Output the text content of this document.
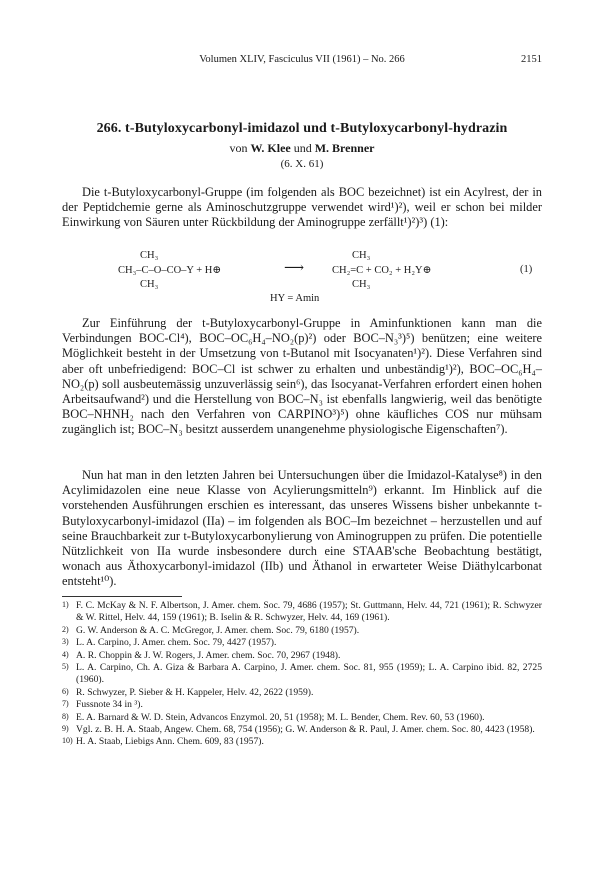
Volumen XLIV, Fasciculus VII (1961) – No. 266	2151
266. t-Butyloxycarbonyl-imidazol und t-Butyloxycarbonyl-hydrazin
von W. Klee und M. Brenner
(6. X. 61)
Die t-Butyloxycarbonyl-Gruppe (im folgenden als BOC bezeichnet) ist ein Acylrest, der in der Peptidchemie gerne als Aminoschutzgruppe verwendet wird¹)²), weil er schon bei milder Einwirkung von Säuren unter Rückbildung der Aminogruppe zerfällt¹)²)³) (1):
CH₃
CH₃–C–O–CO–Y + H⊕
CH₃
⟶
CH₃
CH₂=C + CO₂ + H₂Y⊕
CH₃
(1)
HY = Amin
Zur Einführung der t-Butyloxycarbonyl-Gruppe in Aminfunktionen kann man die Verbindungen BOC-Cl⁴), BOC–OC₆H₄–NO₂(p)²) oder BOC–N₃³)⁵) benützen; eine weitere Möglichkeit besteht in der Umsetzung von t-Butanol mit Isocyanaten¹)²). Diese Verfahren sind aber oft unbefriedigend: BOC–Cl ist schwer zu erhalten und unbeständig¹)²), BOC–OC₆H₄–NO₂(p) soll ausbeutemässig unzuverlässig sein⁶), das Isocyanat-Verfahren erfordert einen hohen Arbeitsaufwand²) und die Herstellung von BOC–N₃ ist ebenfalls langwierig, weil das benötigte BOC–NHNH₂ nach den Verfahren von CARPINO³)⁵) ohne käufliches COS nur mühsam zugänglich ist; BOC–N₃ besitzt ausserdem unangenehme physiologische Eigenschaften⁷).
Nun hat man in den letzten Jahren bei Untersuchungen über die Imidazol-Katalyse⁸) in den Acylimidazolen eine neue Klasse von Acylierungsmitteln⁹) erkannt. Im Hinblick auf die vorstehenden Ausführungen erschien es interessant, das unseres Wissens bisher unbekannte t-Butyloxycarbonyl-imidazol (IIa) – im folgenden als BOC–Im bezeichnet – herzustellen und auf seine Brauchbarkeit zur t-Butyloxycarbonylierung von Aminogruppen zu prüfen. Die potentielle Nützlichkeit von IIa wurde insbesondere durch eine STAAB'sche Beobachtung bestätigt, wonach aus Äthoxycarbonyl-imidazol (IIb) und Äthanol in erwarteter Weise Diäthylcarbonat entsteht¹⁰).
1) F. C. McKay & N. F. Albertson, J. Amer. chem. Soc. 79, 4686 (1957); St. Guttmann, Helv. 44, 721 (1961); R. Schwyzer & W. Rittel, Helv. 44, 159 (1961); B. Iselin & R. Schwyzer, Helv. 44, 169 (1961).
2) G. W. Anderson & A. C. McGregor, J. Amer. chem. Soc. 79, 6180 (1957).
3) L. A. Carpino, J. Amer. chem. Soc. 79, 4427 (1957).
4) A. R. Choppin & J. W. Rogers, J. Amer. chem. Soc. 70, 2967 (1948).
5) L. A. Carpino, Ch. A. Giza & Barbara A. Carpino, J. Amer. chem. Soc. 81, 955 (1959); L. A. Carpino ibid. 82, 2725 (1960).
6) R. Schwyzer, P. Sieber & H. Kappeler, Helv. 42, 2622 (1959).
7) Fussnote 34 in ³).
8) E. A. Barnard & W. D. Stein, Advancos Enzymol. 20, 51 (1958); M. L. Bender, Chem. Rev. 60, 53 (1960).
9) Vgl. z. B. H. A. Staab, Angew. Chem. 68, 754 (1956); G. W. Anderson & R. Paul, J. Amer. chem. Soc. 80, 4423 (1958).
10) H. A. Staab, Liebigs Ann. Chem. 609, 83 (1957).
